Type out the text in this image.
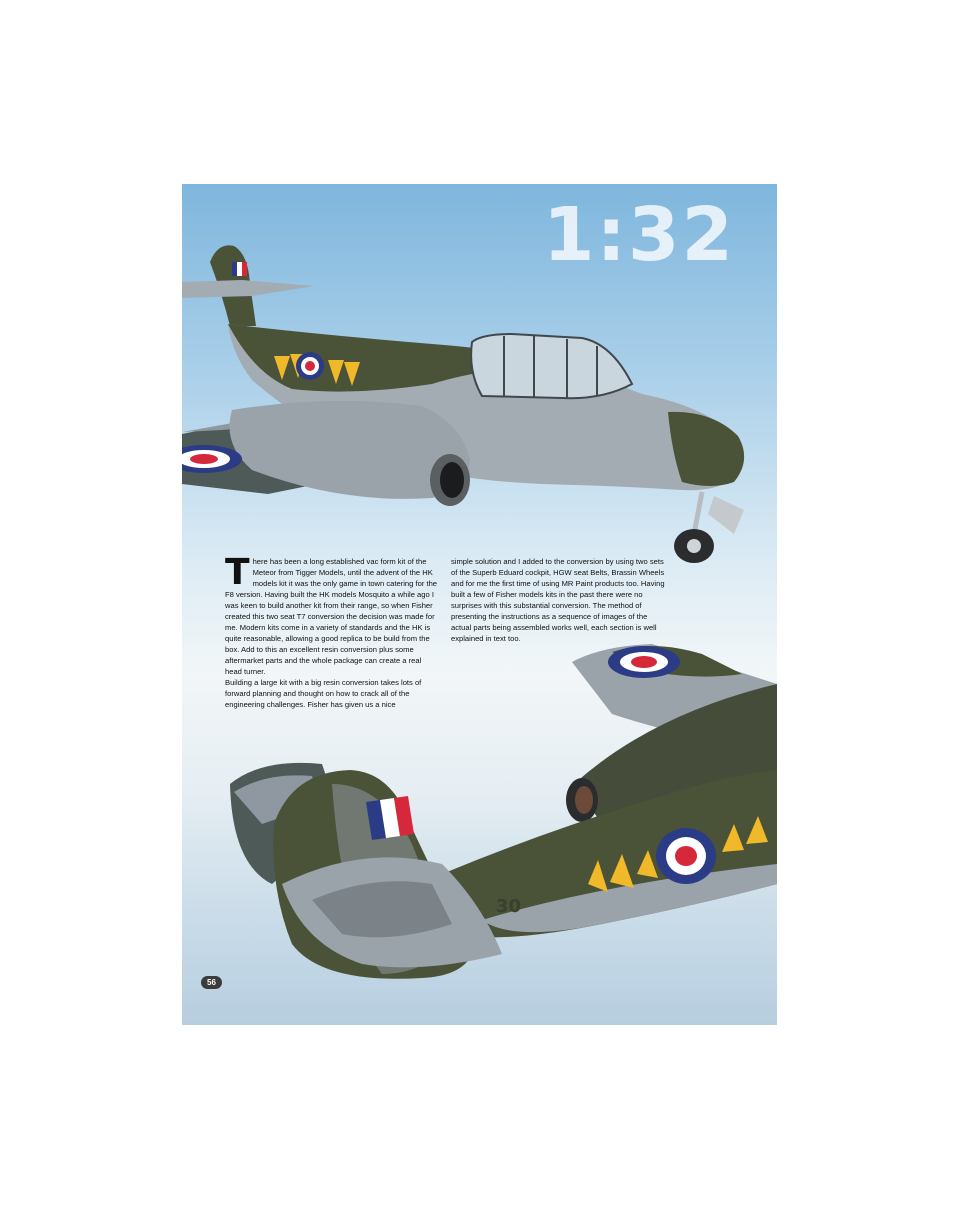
30

1:32

T here has been a long established vac form kit of the Meteor from Tigger Models, until the advent of the HK models kit it was the only game in town catering for the F8 version. Having built the HK models Mosquito a while ago I was keen to build another kit from their range, so when Fisher created this two seat T7 conversion the decision was made for me. Modern kits come in a variety of standards and the HK is quite reasonable, allowing a good replica to be build from the box. Add to this an excellent resin conversion plus some aftermarket parts and the whole package can create a real head turner.

Building a large kit with a big resin conversion takes lots of forward planning and thought on how to crack all of the engineering challenges. Fisher has given us a nice

simple solution and I added to the conversion by using two sets of the Superb Eduard cockpit, HGW seat Belts, Brassin Wheels and for me the first time of using MR Paint products too. Having built a few of Fisher models kits in the past there were no surprises with this substantial conversion. The method of presenting the instructions as a sequence of images of the actual parts being assembled works well, each section is well explained in text too.

56
